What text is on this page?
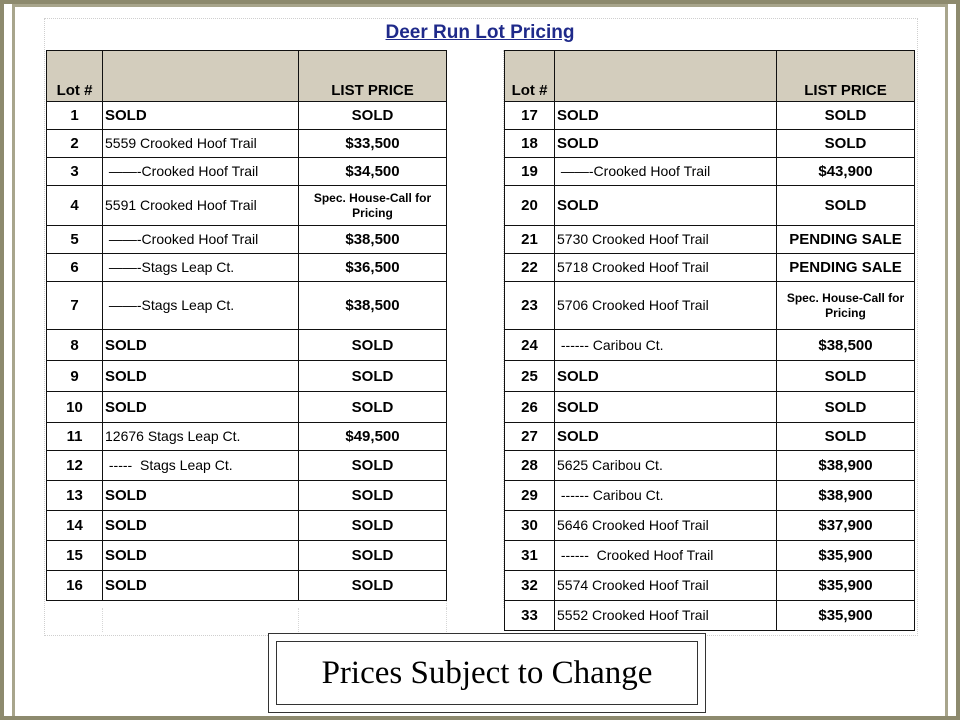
Deer Run Lot Pricing
Lot #		LIST PRICE
1	SOLD	SOLD
2	5559 Crooked Hoof Trail	$33,500
3	——-Crooked Hoof Trail	$34,500
4	5591 Crooked Hoof Trail	Spec. House-Call for Pricing
5	——-Crooked Hoof Trail	$38,500
6	——-Stags Leap Ct.	$36,500
7	——-Stags Leap Ct.	$38,500
8	SOLD	SOLD
9	SOLD	SOLD
10	SOLD	SOLD
11	12676 Stags Leap Ct.	$49,500
12	-----  Stags Leap Ct.	SOLD
13	SOLD	SOLD
14	SOLD	SOLD
15	SOLD	SOLD
16	SOLD	SOLD
Lot #		LIST PRICE
17	SOLD	SOLD
18	SOLD	SOLD
19	——-Crooked Hoof Trail	$43,900
20	SOLD	SOLD
21	5730 Crooked Hoof Trail	PENDING SALE
22	5718 Crooked Hoof Trail	PENDING SALE
23	5706 Crooked Hoof Trail	Spec. House-Call for Pricing
24	------ Caribou Ct.	$38,500
25	SOLD	SOLD
26	SOLD	SOLD
27	SOLD	SOLD
28	5625 Caribou Ct.	$38,900
29	------ Caribou Ct.	$38,900
30	5646 Crooked Hoof Trail	$37,900
31	------  Crooked Hoof Trail	$35,900
32	5574 Crooked Hoof Trail	$35,900
33	5552 Crooked Hoof Trail	$35,900
Prices Subject to Change
